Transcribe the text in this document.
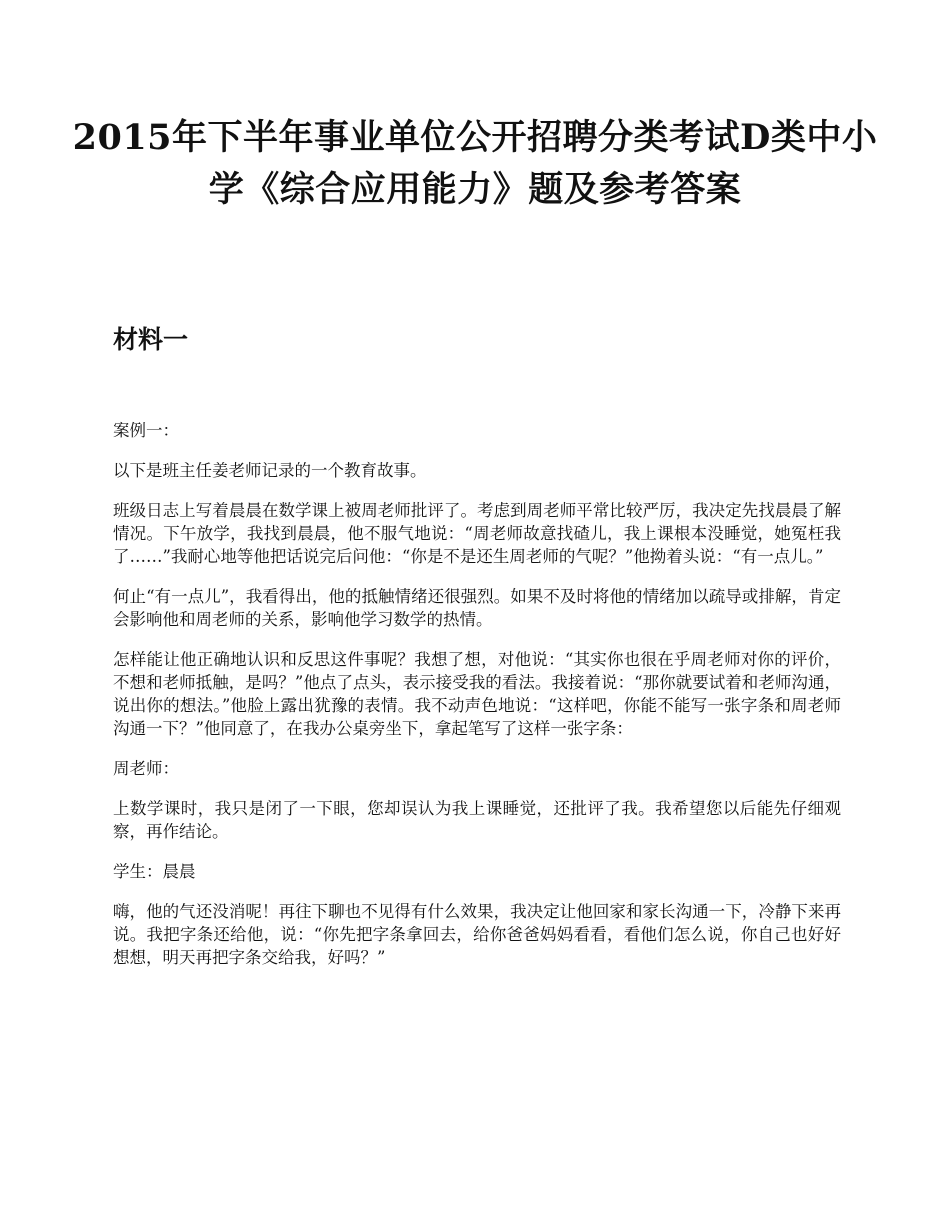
2015年下半年事业单位公开招聘分类考试D类中小学《综合应用能力》题及参考答案
材料一

案例一：

以下是班主任姜老师记录的一个教育故事。

班级日志上写着晨晨在数学课上被周老师批评了。考虑到周老师平常比较严厉，我决定先找晨晨了解情况。下午放学，我找到晨晨，他不服气地说：“周老师故意找碴儿，我上课根本没睡觉，她冤枉我了……”我耐心地等他把话说完后问他：“你是不是还生周老师的气呢？”他拗着头说：“有一点儿。”

何止“有一点儿”，我看得出，他的抵触情绪还很强烈。如果不及时将他的情绪加以疏导或排解，肯定会影响他和周老师的关系，影响他学习数学的热情。

怎样能让他正确地认识和反思这件事呢？我想了想，对他说：“其实你也很在乎周老师对你的评价，不想和老师抵触，是吗？”他点了点头，表示接受我的看法。我接着说：“那你就要试着和老师沟通，说出你的想法。”他脸上露出犹豫的表情。我不动声色地说：“这样吧，你能不能写一张字条和周老师沟通一下？”他同意了，在我办公桌旁坐下，拿起笔写了这样一张字条：

周老师：

上数学课时，我只是闭了一下眼，您却误认为我上课睡觉，还批评了我。我希望您以后能先仔细观察，再作结论。

学生：晨晨

嗨，他的气还没消呢！再往下聊也不见得有什么效果，我决定让他回家和家长沟通一下，冷静下来再说。我把字条还给他，说：“你先把字条拿回去，给你爸爸妈妈看看，看他们怎么说，你自己也好好想想，明天再把字条交给我，好吗？”
